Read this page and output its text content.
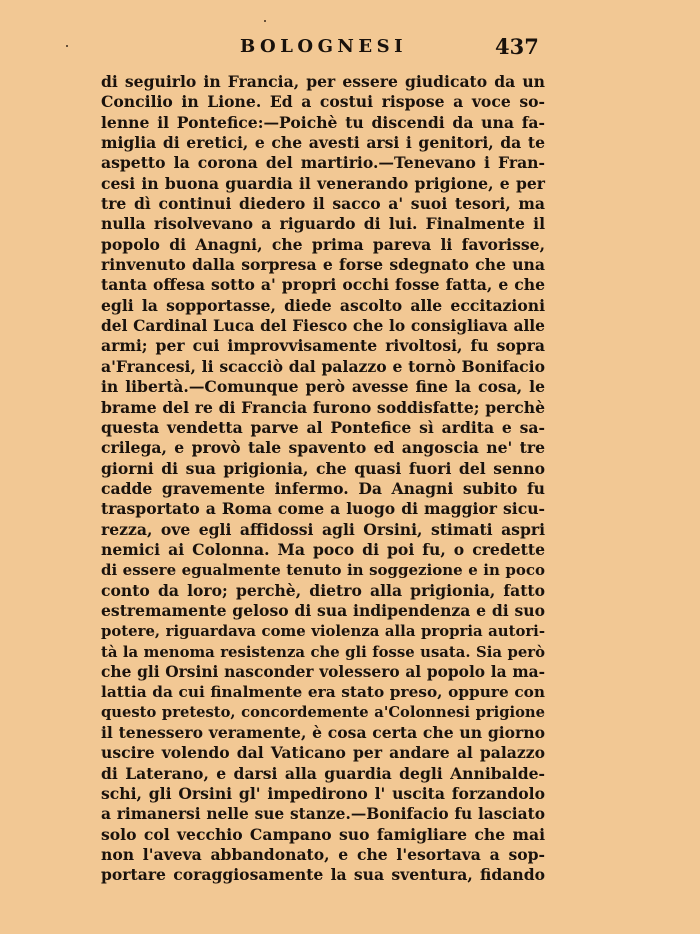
BOLOGNESI	437
di seguirlo in Francia, per essere giudicato da un
Concilio in Lione. Ed a costui rispose a voce so-
lenne il Pontefice:—Poichè tu discendi da una fa-
miglia di eretici, e che avesti arsi i genitori, da te
aspetto la corona del martirio.—Tenevano i Fran-
cesi in buona guardia il venerando prigione, e per
tre dì continui diedero il sacco a' suoi tesori, ma
nulla risolvevano a riguardo di lui. Finalmente il
popolo di Anagni, che prima pareva li favorisse,
rinvenuto dalla sorpresa e forse sdegnato che una
tanta offesa sotto a' propri occhi fosse fatta, e che
egli la sopportasse, diede ascolto alle eccitazioni
del Cardinal Luca del Fiesco che lo consigliava alle
armi; per cui improvvisamente rivoltosi, fu sopra
a'Francesi, li scacciò dal palazzo e tornò Bonifacio
in libertà.—Comunque però avesse fine la cosa, le
brame del re di Francia furono soddisfatte; perchè
questa vendetta parve al Pontefice sì ardita e sa-
crilega, e provò tale spavento ed angoscia ne' tre
giorni di sua prigionia, che quasi fuori del senno
cadde gravemente infermo. Da Anagni subito fu
trasportato a Roma come a luogo di maggior sicu-
rezza, ove egli affidossi agli Orsini, stimati aspri
nemici ai Colonna. Ma poco di poi fu, o credette
di essere egualmente tenuto in soggezione e in poco
conto da loro; perchè, dietro alla prigionia, fatto
estremamente geloso di sua indipendenza e di suo
potere, riguardava come violenza alla propria autori-
tà la menoma resistenza che gli fosse usata. Sia però
che gli Orsini nasconder volessero al popolo la ma-
lattia da cui finalmente era stato preso, oppure con
questo pretesto, concordemente a'Colonnesi prigione
il tenessero veramente, è cosa certa che un giorno
uscire volendo dal Vaticano per andare al palazzo
di Laterano, e darsi alla guardia degli Annibalde-
schi, gli Orsini gl' impedirono l' uscita forzandolo
a rimanersi nelle sue stanze.—Bonifacio fu lasciato
solo col vecchio Campano suo famigliare che mai
non l'aveva abbandonato, e che l'esortava a sop-
portare coraggiosamente la sua sventura, fidando
